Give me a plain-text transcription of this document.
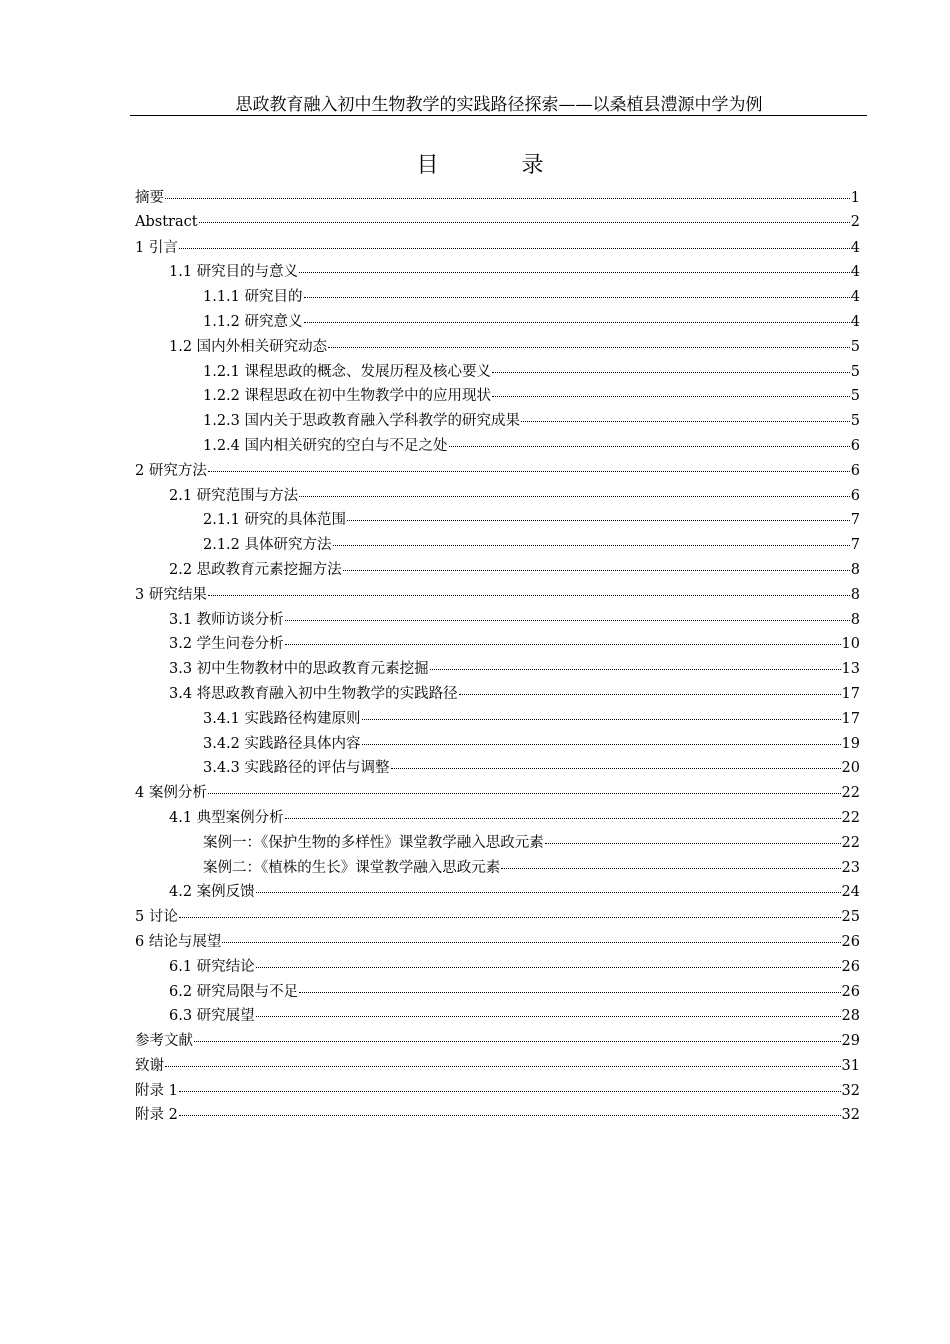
思政教育融入初中生物教学的实践路径探索——以桑植县澧源中学为例
目 录
摘要	1
Abstract	2
1 引言	4
1.1 研究目的与意义	4
1.1.1 研究目的	4
1.1.2 研究意义	4
1.2 国内外相关研究动态	5
1.2.1 课程思政的概念、发展历程及核心要义	5
1.2.2 课程思政在初中生物教学中的应用现状	5
1.2.3 国内关于思政教育融入学科教学的研究成果	5
1.2.4 国内相关研究的空白与不足之处	6
2 研究方法	6
2.1 研究范围与方法	6
2.1.1 研究的具体范围	7
2.1.2 具体研究方法	7
2.2 思政教育元素挖掘方法	8
3 研究结果	8
3.1 教师访谈分析	8
3.2 学生问卷分析	10
3.3 初中生物教材中的思政教育元素挖掘	13
3.4 将思政教育融入初中生物教学的实践路径	17
3.4.1 实践路径构建原则	17
3.4.2 实践路径具体内容	19
3.4.3 实践路径的评估与调整	20
4 案例分析	22
4.1 典型案例分析	22
案例一：《保护生物的多样性》课堂教学融入思政元素	22
案例二：《植株的生长》课堂教学融入思政元素	23
4.2 案例反馈	24
5 讨论	25
6 结论与展望	26
6.1 研究结论	26
6.2 研究局限与不足	26
6.3 研究展望	28
参考文献	29
致谢	31
附录 1	32
附录 2	32
